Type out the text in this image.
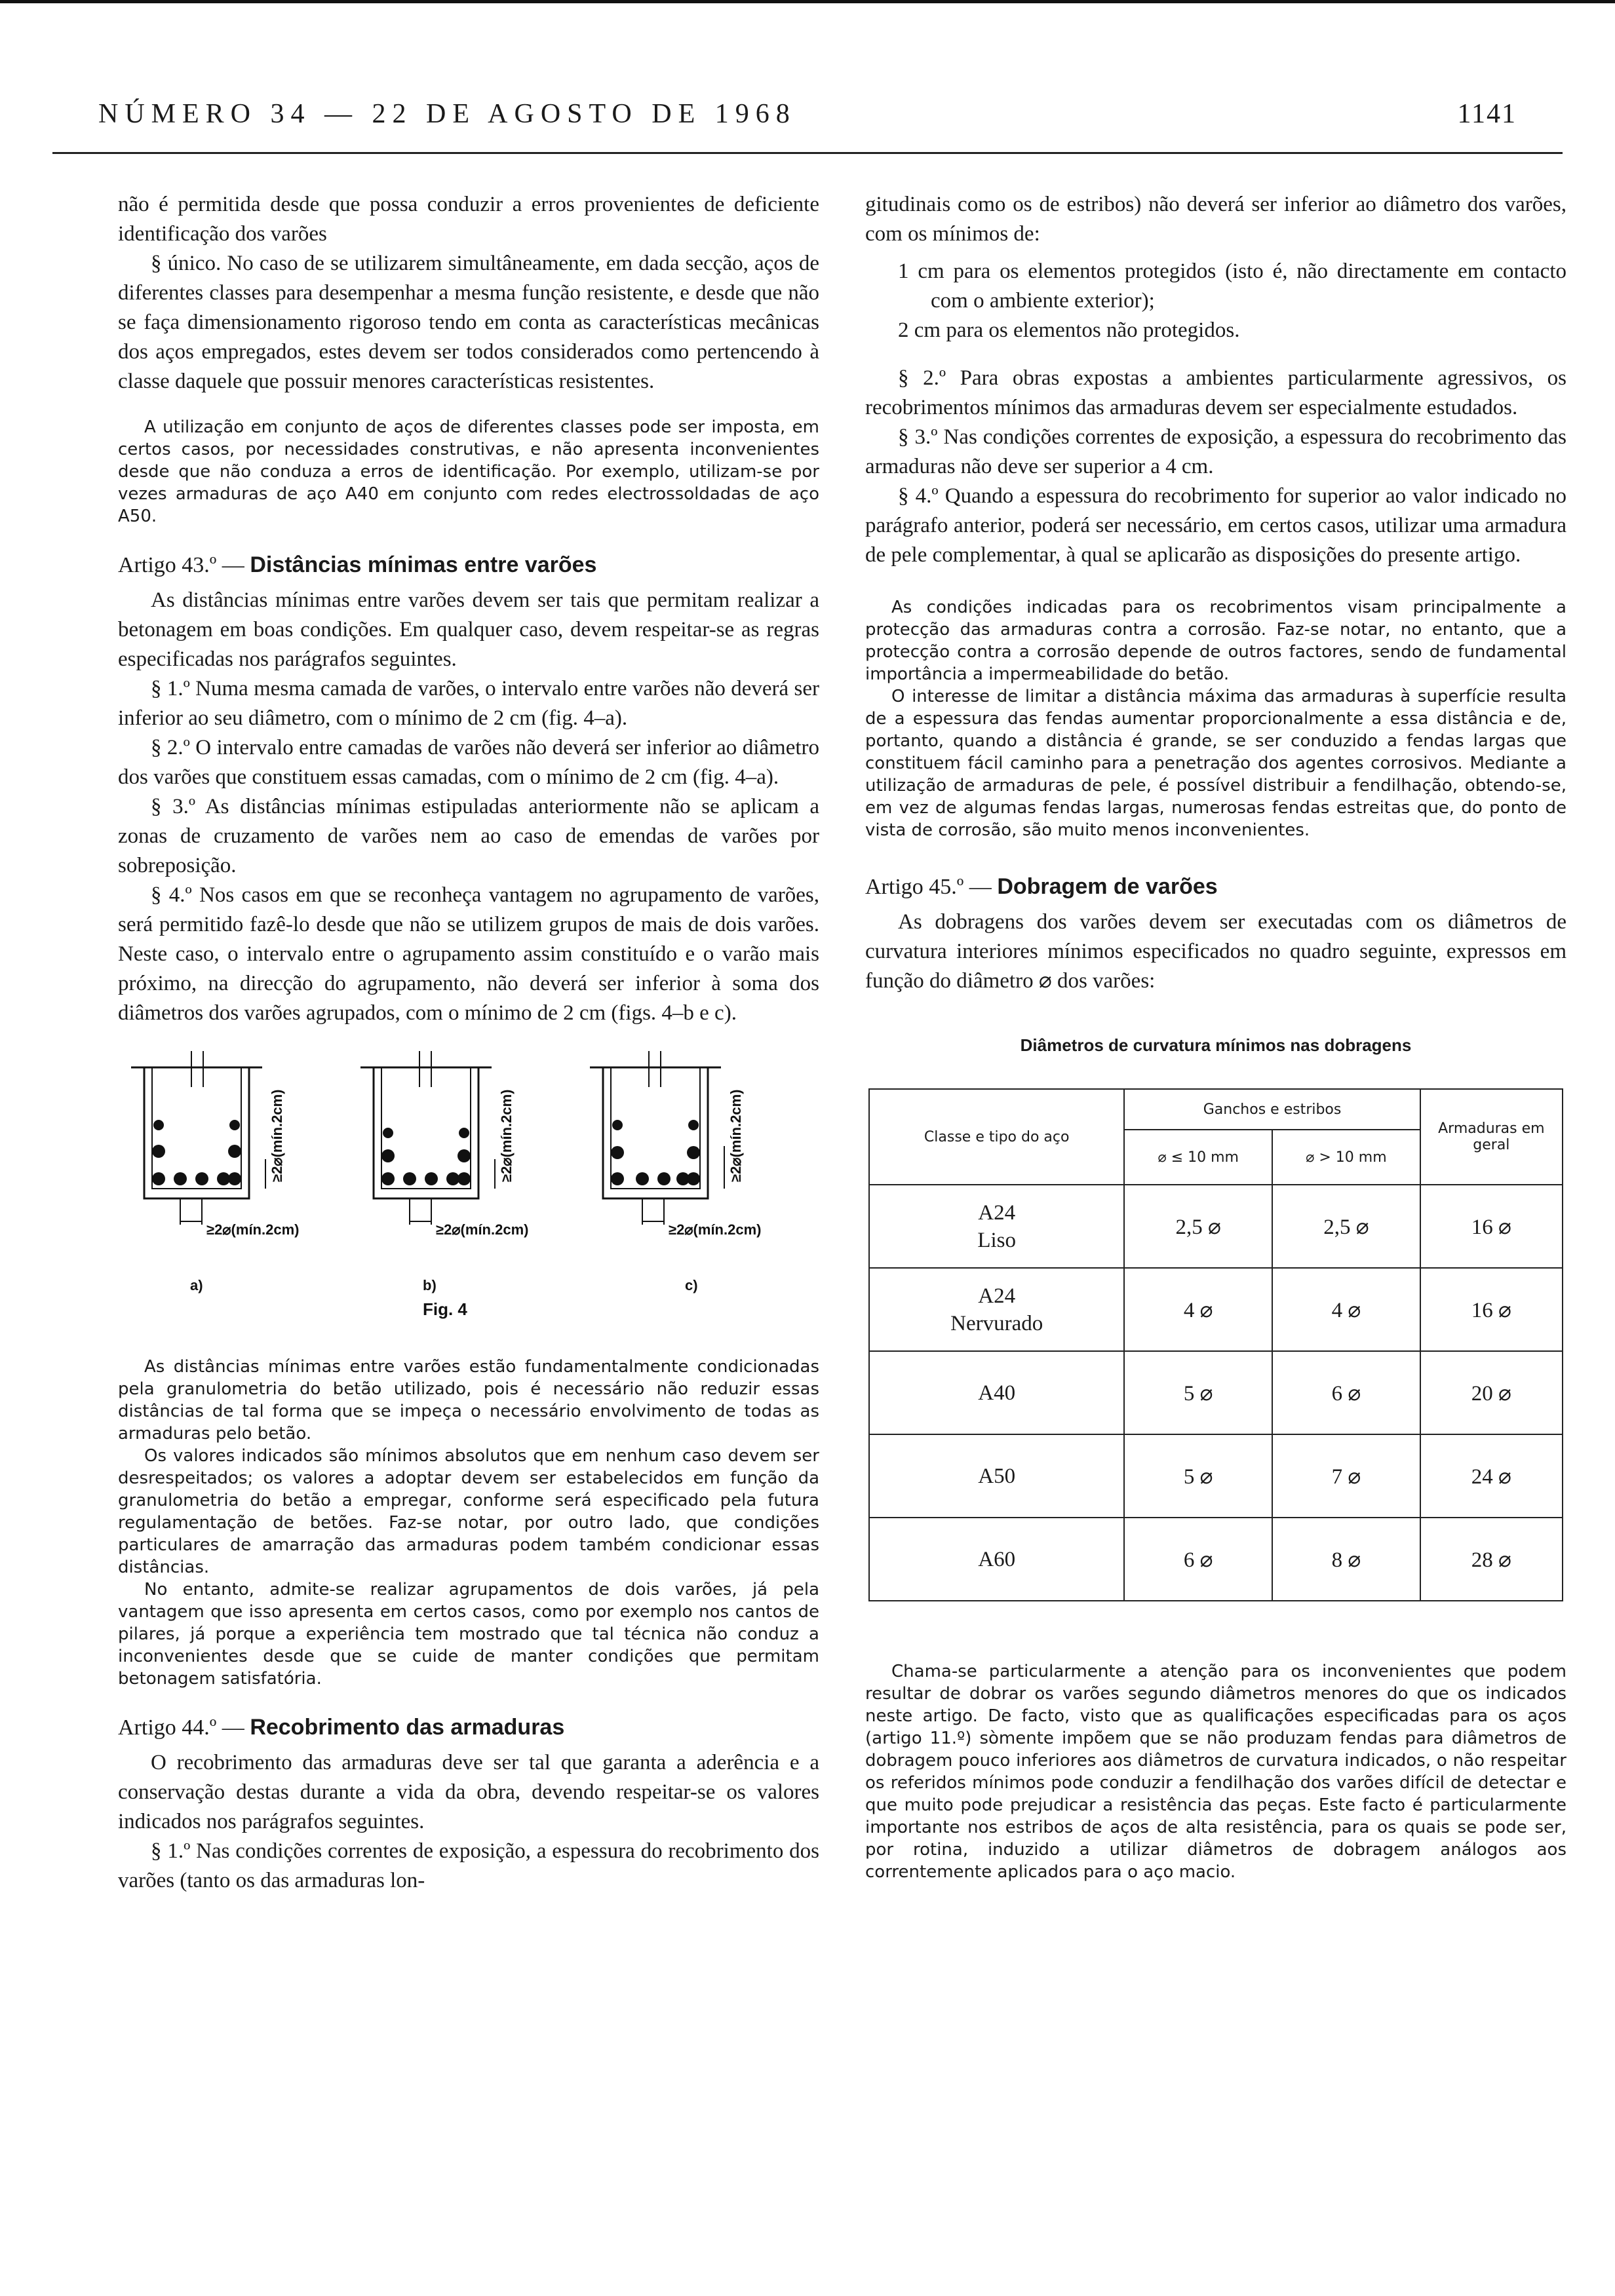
NÚMERO 34 — 22 DE AGOSTO DE 1968	1141

não é permitida desde que possa conduzir a erros provenientes de deficiente identificação dos varões

§ único. No caso de se utilizarem simultâneamente, em dada secção, aços de diferentes classes para desempenhar a mesma função resistente, e desde que não se faça dimensionamento rigoroso tendo em conta as características mecânicas dos aços empregados, estes devem ser todos considerados como pertencendo à classe daquele que possuir menores características resistentes.

A utilização em conjunto de aços de diferentes classes pode ser imposta, em certos casos, por necessidades construtivas, e não apresenta inconvenientes desde que não conduza a erros de identificação. Por exemplo, utilizam-se por vezes armaduras de aço A40 em conjunto com redes electrossoldadas de aço A50.

Artigo 43.º — Distâncias mínimas entre varões

As distâncias mínimas entre varões devem ser tais que permitam realizar a betonagem em boas condições. Em qualquer caso, devem respeitar-se as regras especificadas nos parágrafos seguintes.

§ 1.º Numa mesma camada de varões, o intervalo entre varões não deverá ser inferior ao seu diâmetro, com o mínimo de 2 cm (fig. 4–a).

§ 2.º O intervalo entre camadas de varões não deverá ser inferior ao diâmetro dos varões que constituem essas camadas, com o mínimo de 2 cm (fig. 4–a).

§ 3.º As distâncias mínimas estipuladas anteriormente não se aplicam a zonas de cruzamento de varões nem ao caso de emendas de varões por sobreposição.

§ 4.º Nos casos em que se reconheça vantagem no agrupamento de varões, será permitido fazê-lo desde que não se utilizem grupos de mais de dois varões. Neste caso, o intervalo entre o agrupamento assim constituído e o varão mais próximo, na direcção do agrupamento, não deverá ser inferior à soma dos diâmetros dos varões agrupados, com o mínimo de 2 cm (figs. 4–b e c).

≥2⌀(mín.2cm)	≥2⌀(mín.2cm)	≥2⌀(mín.2cm)
≥2⌀(mín.2cm)	≥2⌀(mín.2cm)	≥2⌀(mín.2cm)
a)	b)	c)
Fig. 4

As distâncias mínimas entre varões estão fundamentalmente condicionadas pela granulometria do betão utilizado, pois é necessário não reduzir essas distâncias de tal forma que se impeça o necessário envolvimento de todas as armaduras pelo betão.

Os valores indicados são mínimos absolutos que em nenhum caso devem ser desrespeitados; os valores a adoptar devem ser estabelecidos em função da granulometria do betão a empregar, conforme será especificado pela futura regulamentação de betões. Faz-se notar, por outro lado, que condições particulares de amarração das armaduras podem também condicionar essas distâncias.

No entanto, admite-se realizar agrupamentos de dois varões, já pela vantagem que isso apresenta em certos casos, como por exemplo nos cantos de pilares, já porque a experiência tem mostrado que tal técnica não conduz a inconvenientes desde que se cuide de manter condições que permitam betonagem satisfatória.

Artigo 44.º — Recobrimento das armaduras

O recobrimento das armaduras deve ser tal que garanta a aderência e a conservação destas durante a vida da obra, devendo respeitar-se os valores indicados nos parágrafos seguintes.

§ 1.º Nas condições correntes de exposição, a espessura do recobrimento dos varões (tanto os das armaduras lon-

gitudinais como os de estribos) não deverá ser inferior ao diâmetro dos varões, com os mínimos de:

1 cm para os elementos protegidos (isto é, não directamente em contacto com o ambiente exterior);

2 cm para os elementos não protegidos.

§ 2.º Para obras expostas a ambientes particularmente agressivos, os recobrimentos mínimos das armaduras devem ser especialmente estudados.

§ 3.º Nas condições correntes de exposição, a espessura do recobrimento das armaduras não deve ser superior a 4 cm.

§ 4.º Quando a espessura do recobrimento for superior ao valor indicado no parágrafo anterior, poderá ser necessário, em certos casos, utilizar uma armadura de pele complementar, à qual se aplicarão as disposições do presente artigo.

As condições indicadas para os recobrimentos visam principalmente a protecção das armaduras contra a corrosão. Faz-se notar, no entanto, que a protecção contra a corrosão depende de outros factores, sendo de fundamental importância a impermeabilidade do betão.

O interesse de limitar a distância máxima das armaduras à superfície resulta de a espessura das fendas aumentar proporcionalmente a essa distância e de, portanto, quando a distância é grande, se ser conduzido a fendas largas que constituem fácil caminho para a penetração dos agentes corrosivos. Mediante a utilização de armaduras de pele, é possível distribuir a fendilhação, obtendo-se, em vez de algumas fendas largas, numerosas fendas estreitas que, do ponto de vista de corrosão, são muito menos inconvenientes.

Artigo 45.º — Dobragem de varões

As dobragens dos varões devem ser executadas com os diâmetros de curvatura interiores mínimos especificados no quadro seguinte, expressos em função do diâmetro ⌀ dos varões:

Diâmetros de curvatura mínimos nas dobragens
Classe e tipo do aço	Ganchos e estribos		Armaduras em geral
	⌀ ≤ 10 mm	⌀ > 10 mm	

A24
Liso	2,5 ⌀	2,5 ⌀	16 ⌀

A24
Nervurado	4 ⌀	4 ⌀	16 ⌀

A40	5 ⌀	6 ⌀	20 ⌀

A50	5 ⌀	7 ⌀	24 ⌀

A60	6 ⌀	8 ⌀	28 ⌀

Chama-se particularmente a atenção para os inconvenientes que podem resultar de dobrar os varões segundo diâmetros menores do que os indicados neste artigo. De facto, visto que as qualificações especificadas para os aços (artigo 11.º) sòmente impõem que se não produzam fendas para diâmetros de dobragem pouco inferiores aos diâmetros de curvatura indicados, o não respeitar os referidos mínimos pode conduzir a fendilhação dos varões difícil de detectar e que muito pode prejudicar a resistência das peças. Este facto é particularmente importante nos estribos de aços de alta resistência, para os quais se pode ser, por rotina, induzido a utilizar diâmetros de dobragem análogos aos correntemente aplicados para o aço macio.
